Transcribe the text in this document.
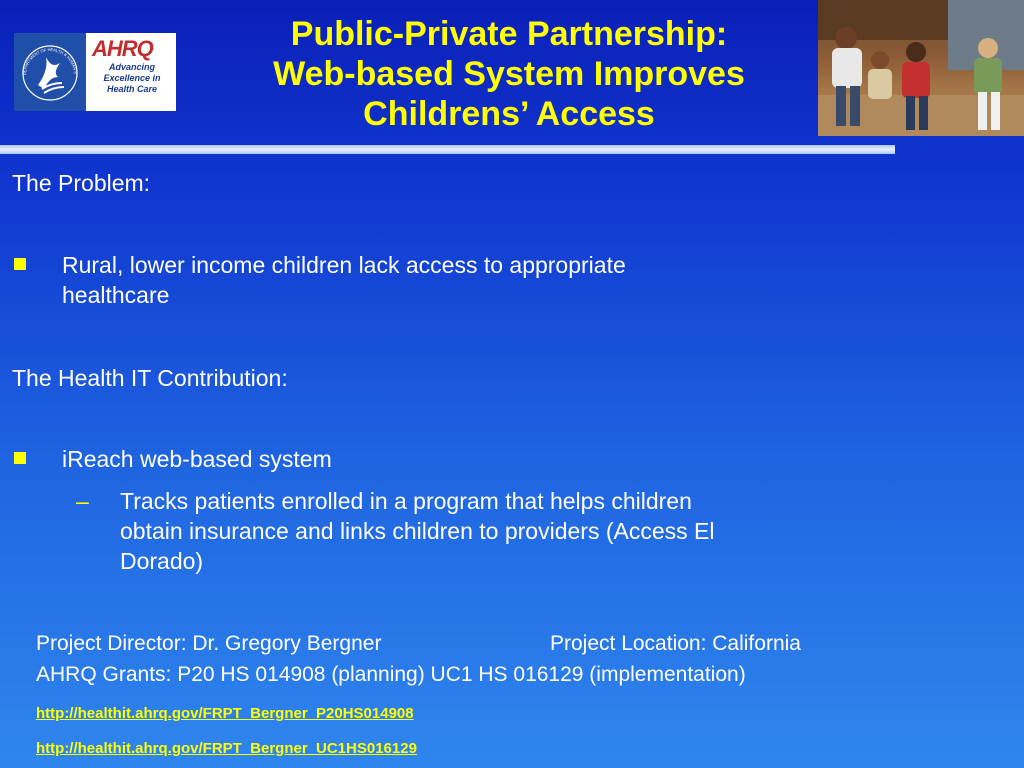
DEPARTMENT OF HEALTH & HUMAN S
AHRQ
Advancing
Excellence in
Health Care
Public-Private Partnership:
Web-based System Improves
Childrens’ Access
The Problem:
Rural, lower income children lack access to appropriate
healthcare
The Health IT Contribution:
iReach web-based system
–	Tracks patients enrolled in a program that helps children
obtain insurance and links children to providers (Access El
Dorado)
Project Director: Dr. Gregory Bergner	Project Location: California
AHRQ Grants: P20 HS 014908 (planning) UC1 HS 016129 (implementation)
http://healthit.ahrq.gov/FRPT_Bergner_P20HS014908
http://healthit.ahrq.gov/FRPT_Bergner_UC1HS016129
